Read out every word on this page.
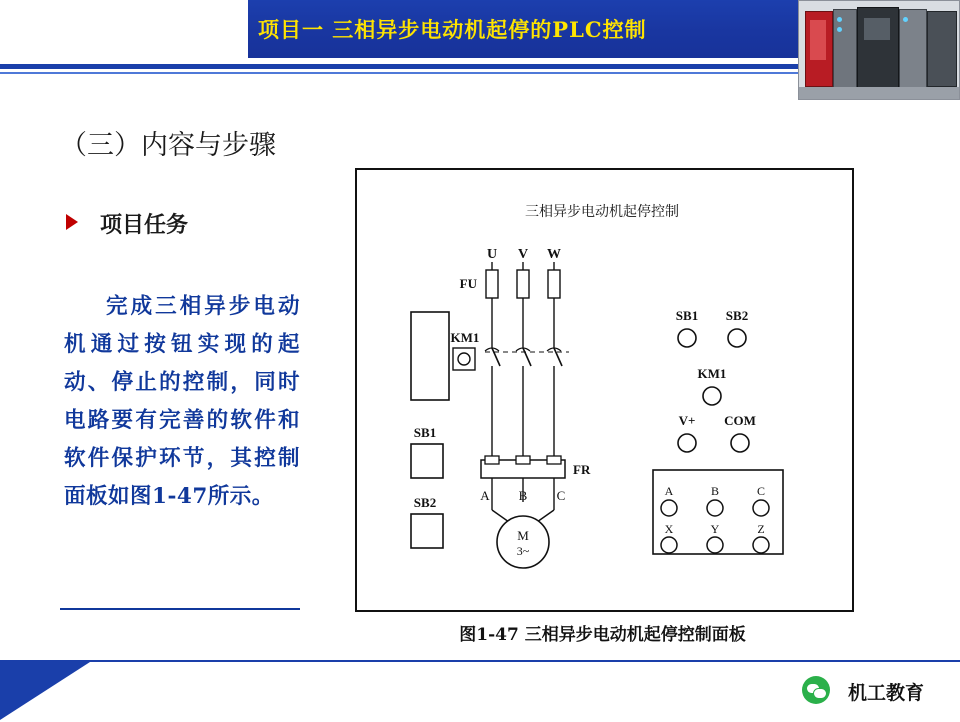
项目一 三相异步电动机起停的PLC控制
（三）内容与步骤
项目任务
完成三相异步电动机通过按钮实现的起动、停止的控制，同时电路要有完善的软件和软件保护环节，其控制面板如图1-47所示。
三相异步电动机起停控制
U V W
FU
KM1
SB1
SB2
FR
A B C
M
3~
SB1 SB2
KM1
V+ COM
A	B	C
X	Y	Z
图1-47 三相异步电动机起停控制面板
机工教育
